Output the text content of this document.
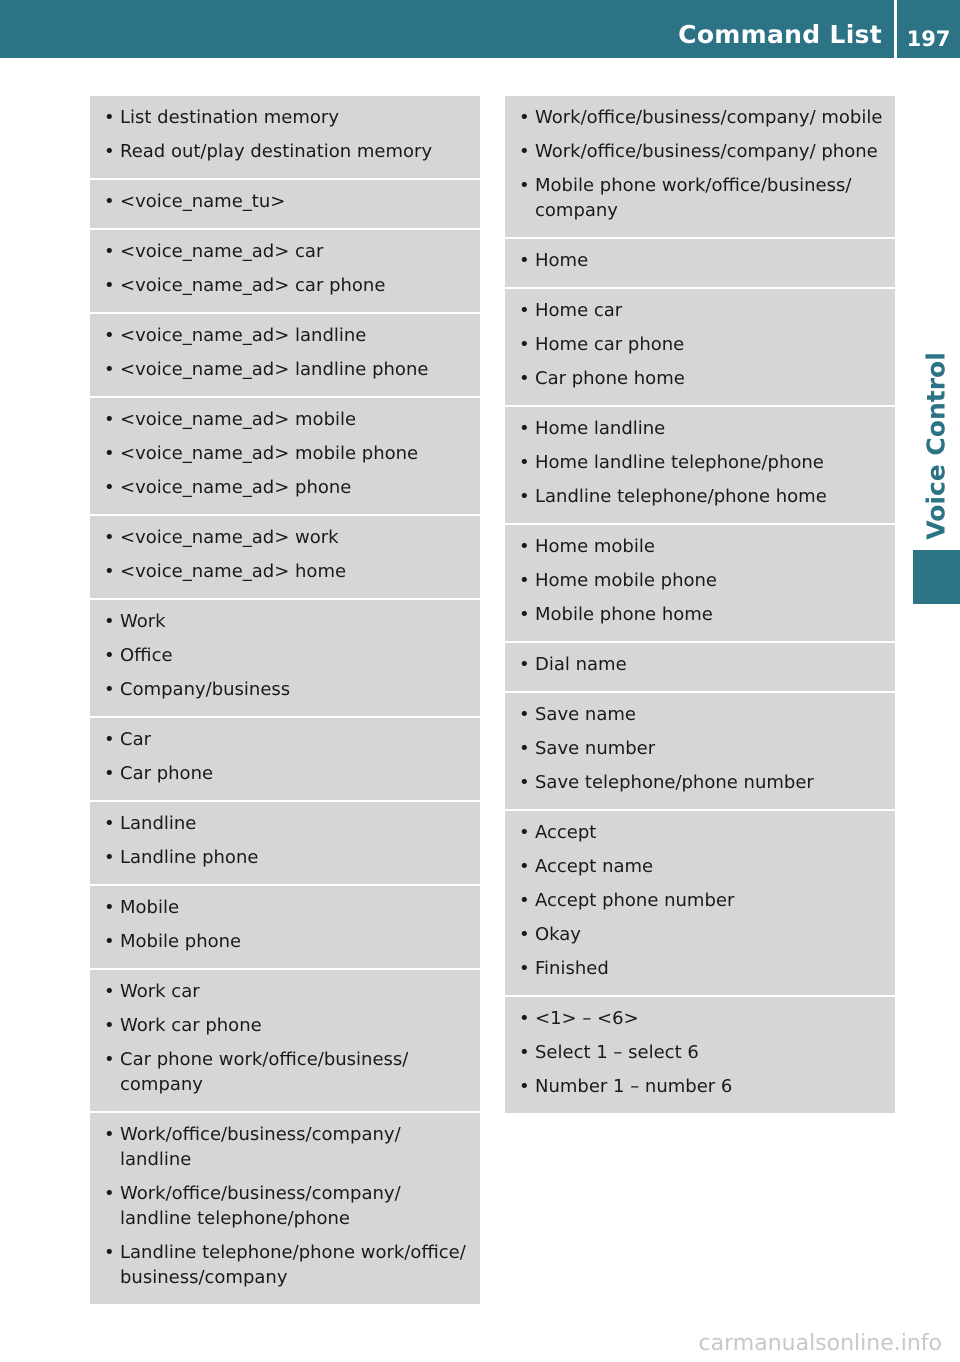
Command List	197
Voice Control
• List destination memory
• Read out/play destination memory
• <voice_name_tu>
• <voice_name_ad> car
• <voice_name_ad> car phone
• <voice_name_ad> landline
• <voice_name_ad> landline phone
• <voice_name_ad> mobile
• <voice_name_ad> mobile phone
• <voice_name_ad> phone
• <voice_name_ad> work
• <voice_name_ad> home
• Work
• Office
• Company/business
• Car
• Car phone
• Landline
• Landline phone
• Mobile
• Mobile phone
• Work car
• Work car phone
• Car phone work/office/business/ company
• Work/office/business/company/ landline
• Work/office/business/company/ landline telephone/phone
• Landline telephone/phone work/office/ business/company
• Work/office/business/company/ mobile
• Work/office/business/company/ phone
• Mobile phone work/office/business/ company
• Home
• Home car
• Home car phone
• Car phone home
• Home landline
• Home landline telephone/phone
• Landline telephone/phone home
• Home mobile
• Home mobile phone
• Mobile phone home
• Dial name
• Save name
• Save number
• Save telephone/phone number
• Accept
• Accept name
• Accept phone number
• Okay
• Finished
• <1> – <6>
• Select 1 – select 6
• Number 1 – number 6
carmanualsonline.info
